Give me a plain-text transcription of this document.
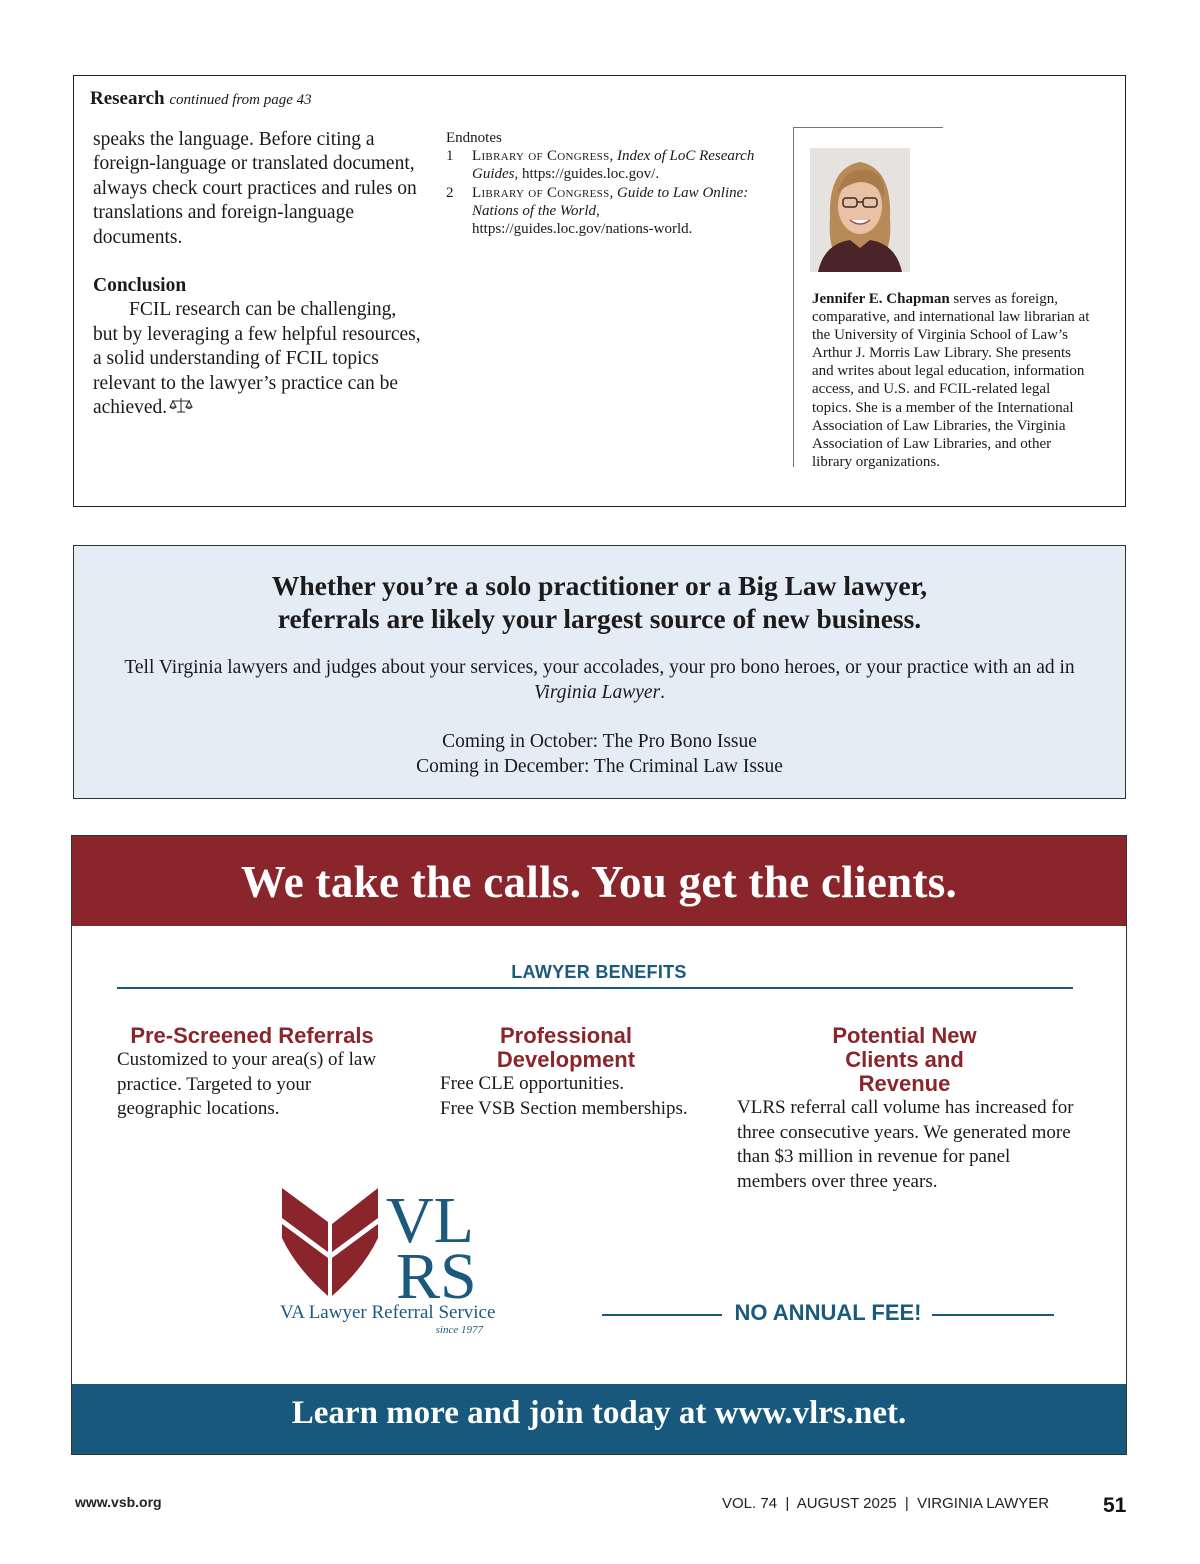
Research continued from page 43

speaks the language. Before citing a foreign-language or translated document, always check court practices and rules on translations and foreign-language documents.

Conclusion

FCIL research can be challenging, but by leveraging a few helpful resources, a solid understanding of FCIL topics relevant to the lawyer’s practice can be achieved.

Endnotes
1	Library of Congress, Index of LoC Research Guides, https://guides.loc.gov/.
2	Library of Congress, Guide to Law Online: Nations of the World, https://guides.loc.gov/nations-world.
Jennifer E. Chapman serves as foreign, comparative, and international law librarian at the University of Virginia School of Law’s Arthur J. Morris Law Library. She presents and writes about legal education, information access, and U.S. and FCIL-related legal topics. She is a member of the International Association of Law Libraries, the Virginia Association of Law Libraries, and other library organizations.
Whether you’re a solo practitioner or a Big Law lawyer,
referrals are likely your largest source of new business.
Tell Virginia lawyers and judges about your services, your accolades, your pro bono heroes, or your practice with an ad in
Virginia Lawyer.
Coming in October: The Pro Bono Issue
Coming in December: The Criminal Law Issue
We take the calls. You get the clients.
LAWYER BENEFITS
Pre-Screened Referrals
Customized to your area(s) of law practice. Targeted to your geographic locations.
Professional Development
Free CLE opportunities.
Free VSB Section memberships.
Potential New Clients and Revenue
VLRS referral call volume has increased for three consecutive years. We generated more than $3 million in revenue for panel members over three years.
VL
RS
VA Lawyer Referral Service
since 1977
NO ANNUAL FEE!
Learn more and join today at www.vlrs.net.
www.vsb.org	VOL. 74  |  AUGUST 2025  |  VIRGINIA LAWYER	51
